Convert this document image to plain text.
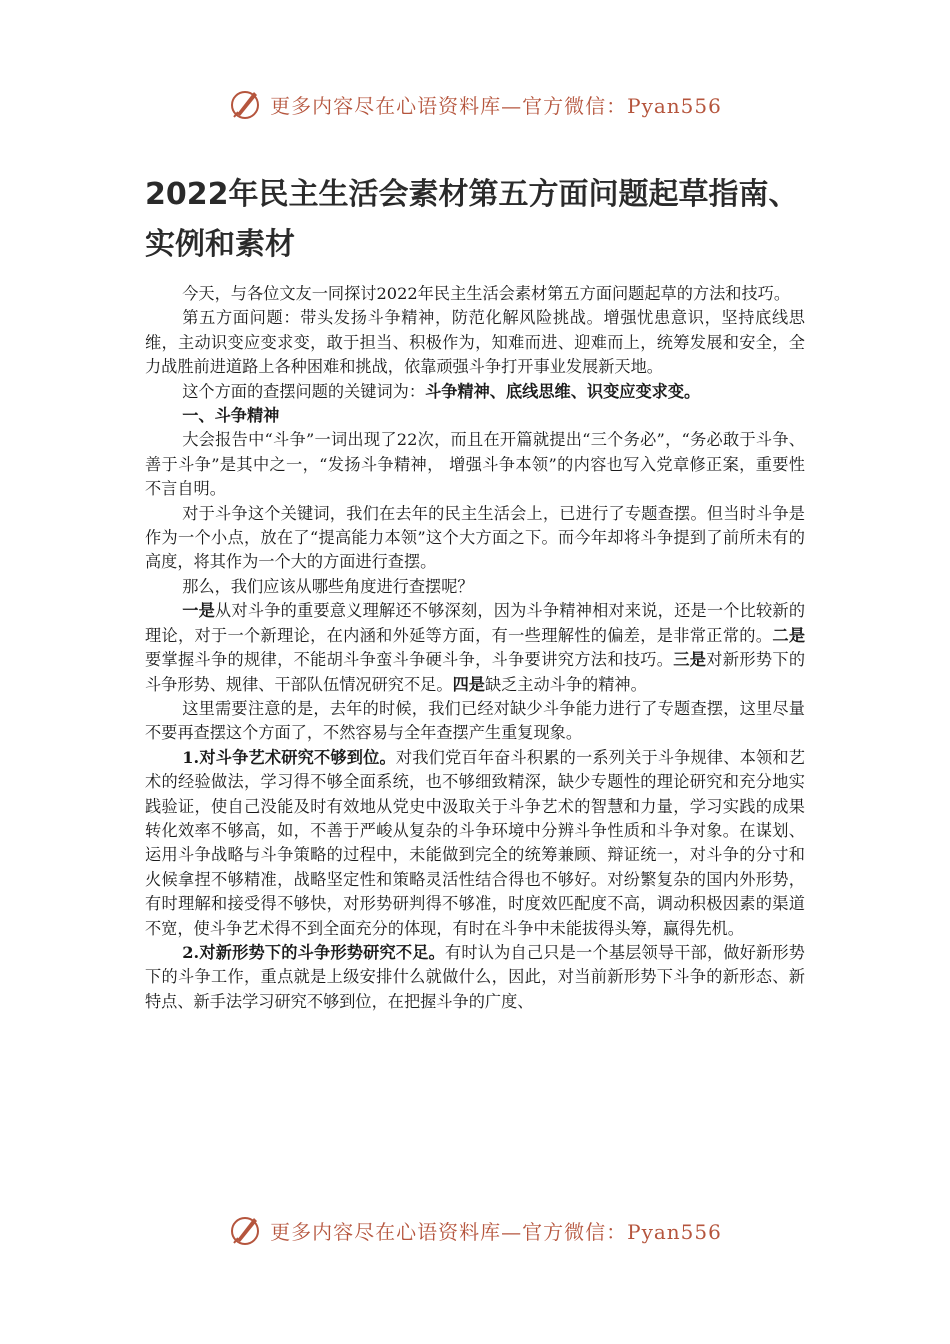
更多内容尽在心语资料库—官方微信：Pyan556
2022年民主生活会素材第五方面问题起草指南、实例和素材

今天，与各位文友一同探讨2022年民主生活会素材第五方面问题起草的方法和技巧。

第五方面问题：带头发扬斗争精神，防范化解风险挑战。增强忧患意识，坚持底线思维，主动识变应变求变，敢于担当、积极作为，知难而进、迎难而上，统筹发展和安全，全力战胜前进道路上各种困难和挑战，依靠顽强斗争打开事业发展新天地。

这个方面的查摆问题的关键词为：斗争精神、底线思维、识变应变求变。

一、斗争精神

大会报告中“斗争”一词出现了22次，而且在开篇就提出“三个务必”，“务必敢于斗争、善于斗争”是其中之一，“发扬斗争精神， 增强斗争本领”的内容也写入党章修正案，重要性不言自明。

对于斗争这个关键词，我们在去年的民主生活会上，已进行了专题查摆。但当时斗争是作为一个小点，放在了“提高能力本领”这个大方面之下。而今年却将斗争提到了前所未有的高度，将其作为一个大的方面进行查摆。

那么，我们应该从哪些角度进行查摆呢？

一是从对斗争的重要意义理解还不够深刻，因为斗争精神相对来说，还是一个比较新的理论，对于一个新理论，在内涵和外延等方面，有一些理解性的偏差，是非常正常的。二是要掌握斗争的规律，不能胡斗争蛮斗争硬斗争，斗争要讲究方法和技巧。三是对新形势下的斗争形势、规律、干部队伍情况研究不足。四是缺乏主动斗争的精神。

这里需要注意的是，去年的时候，我们已经对缺少斗争能力进行了专题查摆，这里尽量不要再查摆这个方面了，不然容易与全年查摆产生重复现象。

1.对斗争艺术研究不够到位。对我们党百年奋斗积累的一系列关于斗争规律、本领和艺术的经验做法，学习得不够全面系统，也不够细致精深，缺少专题性的理论研究和充分地实践验证，使自己没能及时有效地从党史中汲取关于斗争艺术的智慧和力量，学习实践的成果转化效率不够高，如，不善于严峻从复杂的斗争环境中分辨斗争性质和斗争对象。在谋划、运用斗争战略与斗争策略的过程中，未能做到完全的统筹兼顾、辩证统一，对斗争的分寸和火候拿捏不够精准，战略坚定性和策略灵活性结合得也不够好。对纷繁复杂的国内外形势，有时理解和接受得不够快，对形势研判得不够准，时度效匹配度不高，调动积极因素的渠道不宽，使斗争艺术得不到全面充分的体现，有时在斗争中未能拔得头筹，赢得先机。

2.对新形势下的斗争形势研究不足。有时认为自己只是一个基层领导干部，做好新形势下的斗争工作，重点就是上级安排什么就做什么，因此，对当前新形势下斗争的新形态、新特点、新手法学习研究不够到位，在把握斗争的广度、

更多内容尽在心语资料库—官方微信：Pyan556
